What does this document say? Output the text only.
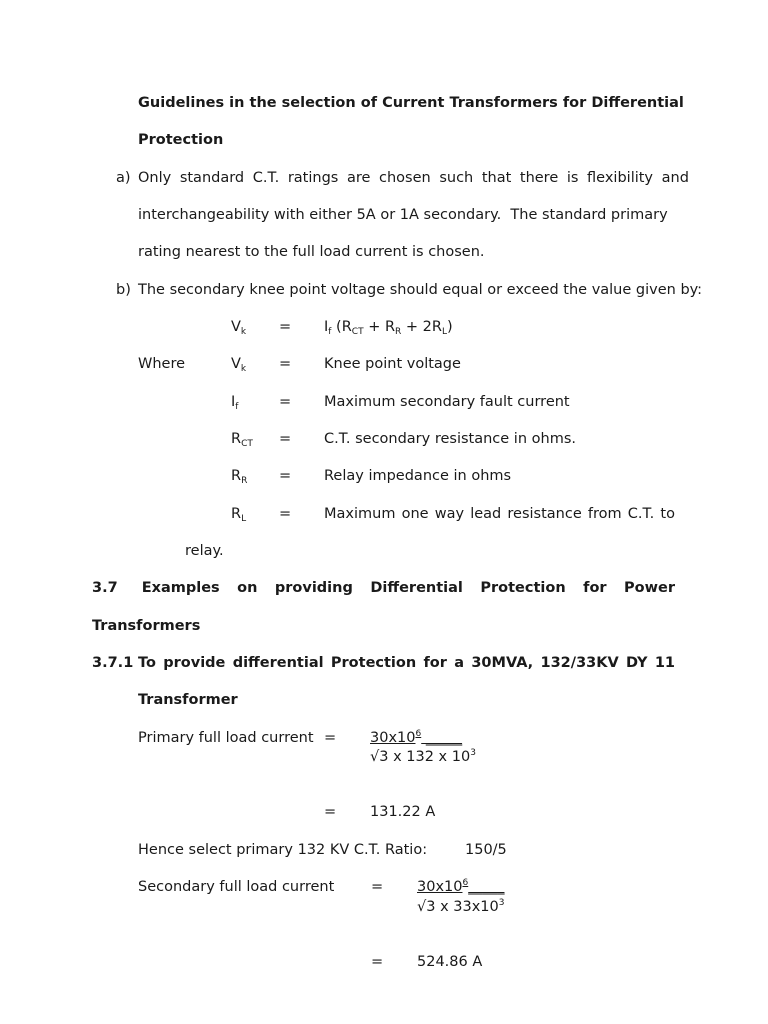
Guidelines in the selection of Current Transformers for Differential
Protection
a) Only standard C.T. ratings are chosen such that there is flexibility and
interchangeability with either 5A or 1A secondary.  The standard primary
rating nearest to the full load current is chosen.
b) The secondary knee point voltage should equal or exceed the value given by:
$V_k = I_f$ $(R_{CT} + R_R + 2R_L)$
Where	$V_k$ = Knee point voltage
$I_f$	= Maximum secondary fault current
$R_{CT} = C.T$. secondary resistance in ohms.
$R_R$ = Relay impedance in ohms
$R_L$ = Maximum one way lead resistance from C.T. to
relay.
3.7 Examples on providing Differential Protection for Power
Transformers
3.7.1 To provide differential Protection for a 30MVA, 132/33KV DY 11
Transformer
Primary full load current = $30x10^6$ _____
√3 x 132 x $10^3$
= 131.22 A
Hence select primary 132 KV C.T. Ratio:	150/5
Secondary full load current	= $30x10^6\_\_\_\_\_$
√3 x $33x10^3$
= 524.86 A
